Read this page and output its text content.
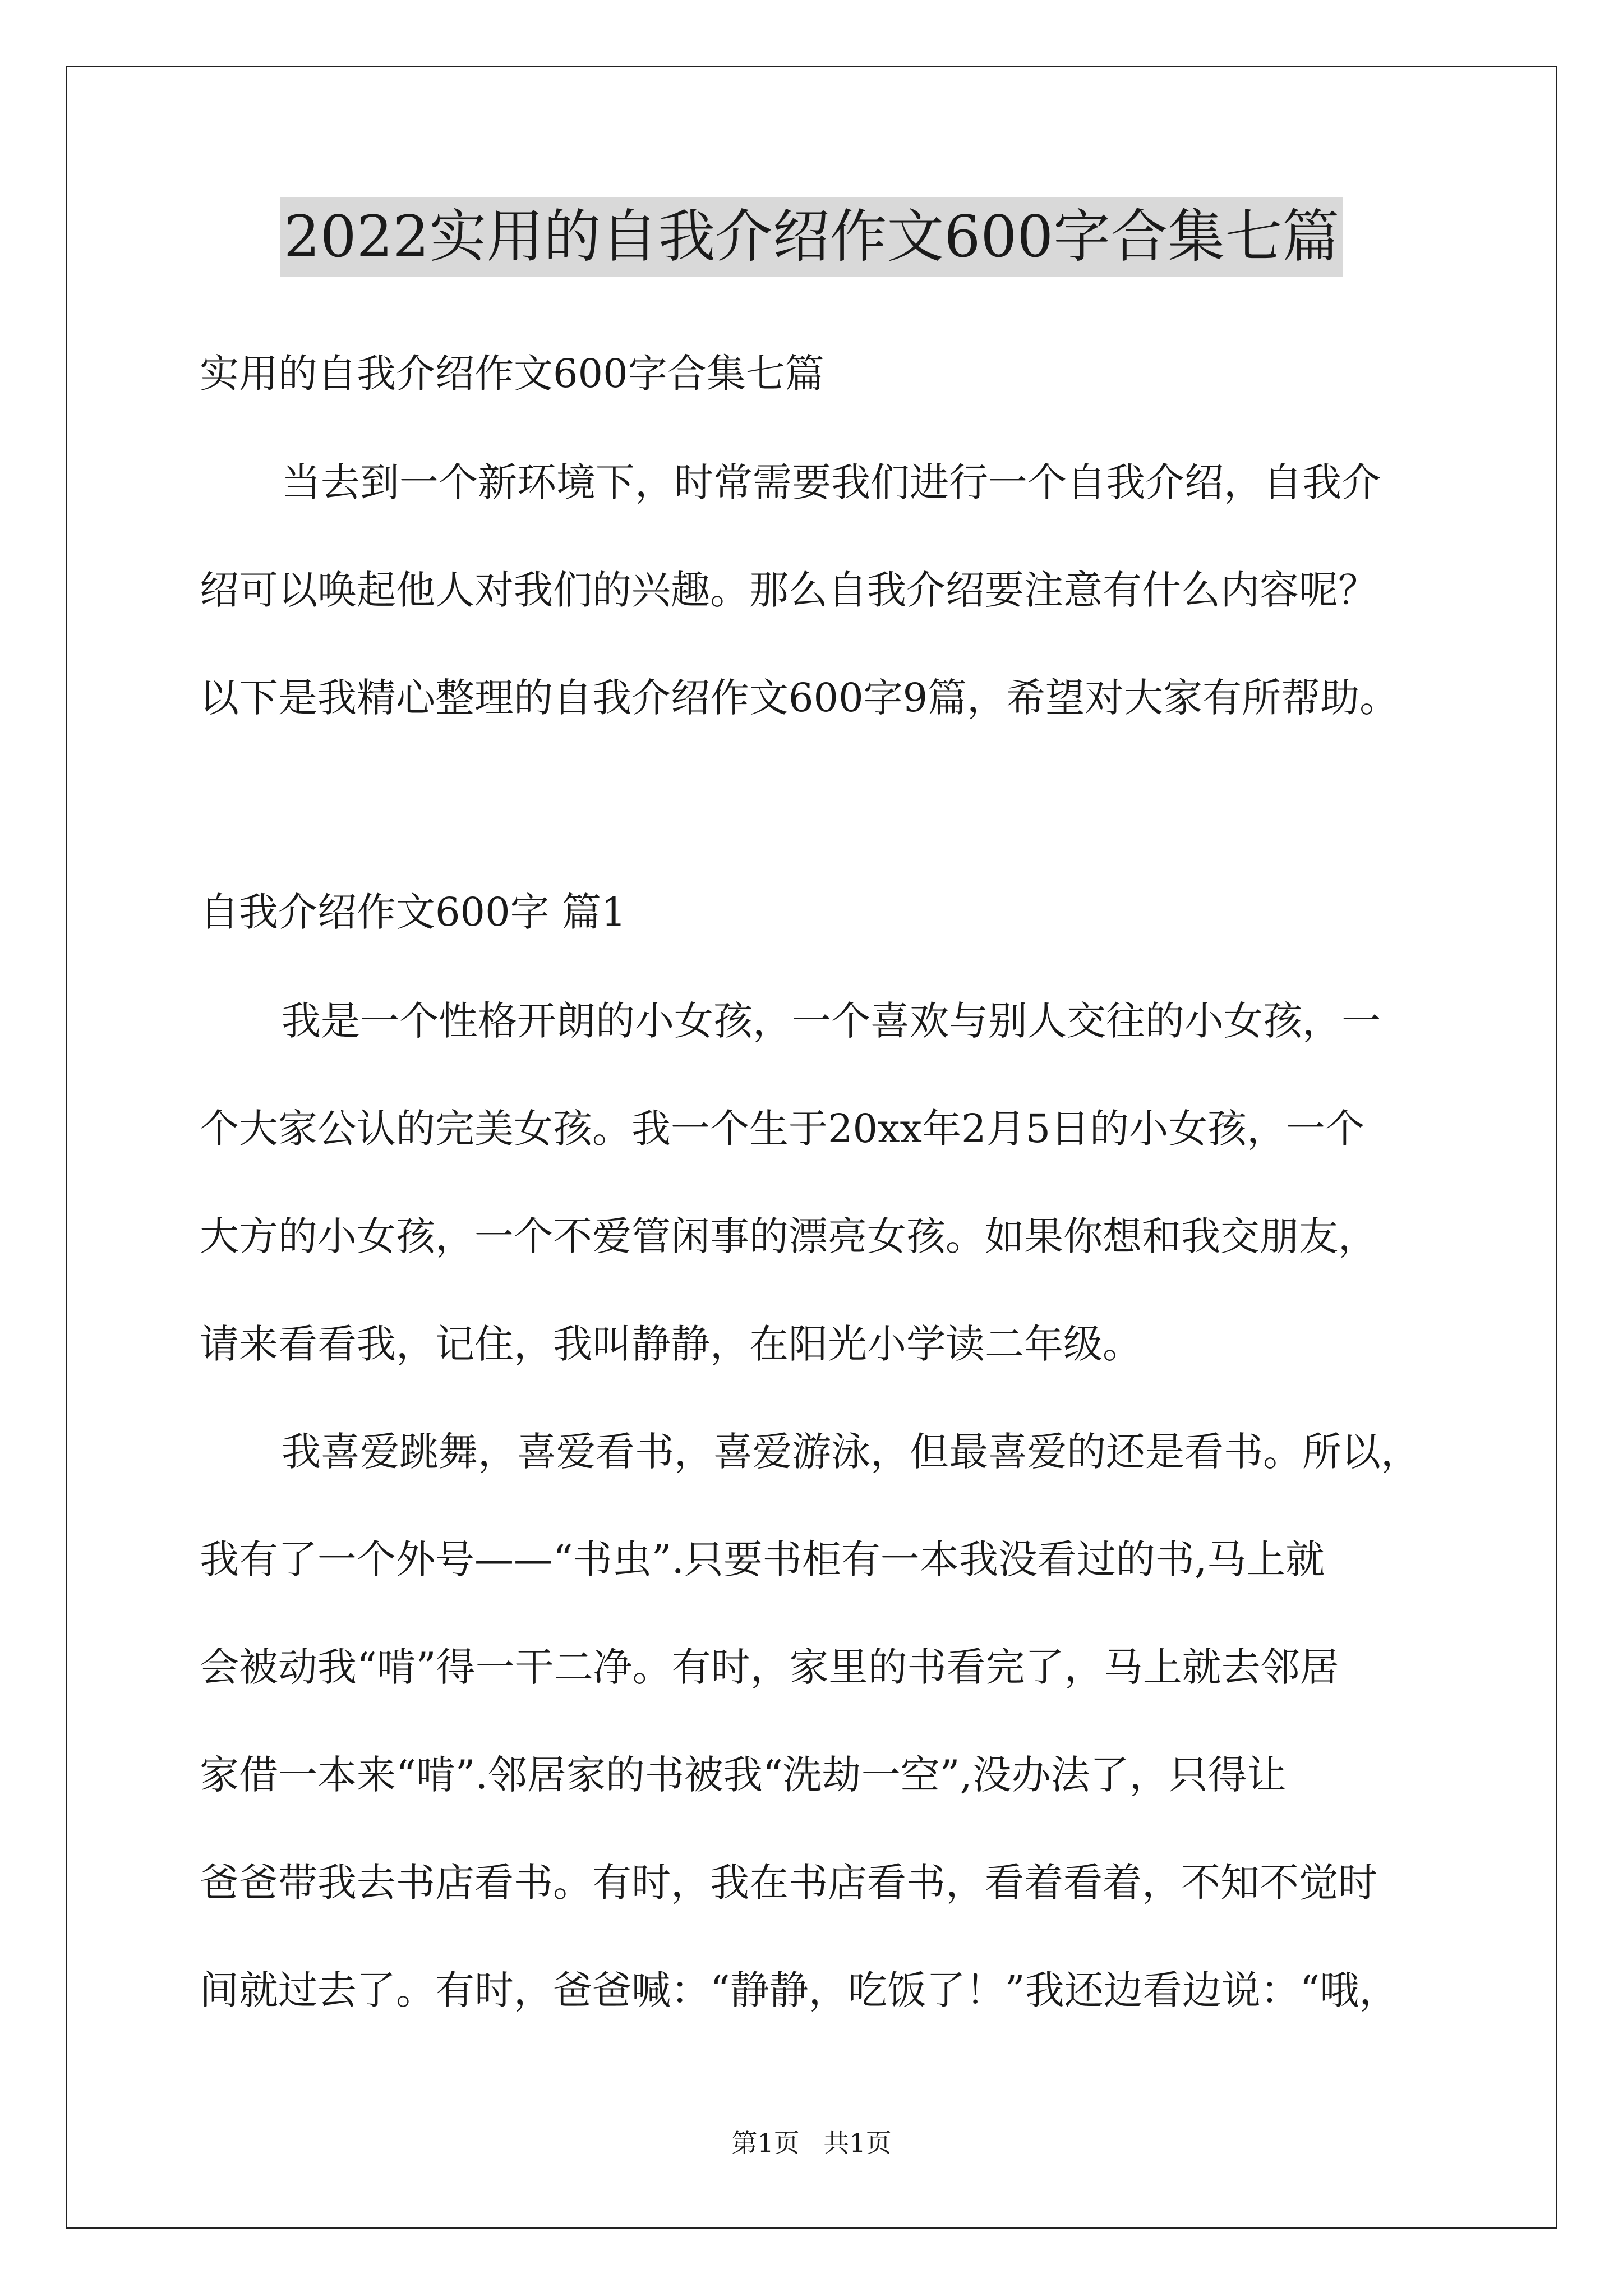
2022实用的自我介绍作文600字合集七篇
实用的自我介绍作文600字合集七篇
当去到一个新环境下，时常需要我们进行一个自我介绍，自我介
绍可以唤起他人对我们的兴趣。那么自我介绍要注意有什么内容呢？
以下是我精心整理的自我介绍作文600字9篇，希望对大家有所帮助。
自我介绍作文600字 篇1
我是一个性格开朗的小女孩，一个喜欢与别人交往的小女孩，一
个大家公认的完美女孩。我一个生于20xx年2月5日的小女孩，一个
大方的小女孩，一个不爱管闲事的漂亮女孩。如果你想和我交朋友，
请来看看我，记住，我叫静静，在阳光小学读二年级。
我喜爱跳舞，喜爱看书，喜爱游泳，但最喜爱的还是看书。所以，
我有了一个外号——“书虫”.只要书柜有一本我没看过的书,马上就
会被动我“啃”得一干二净。有时，家里的书看完了，马上就去邻居
家借一本来“啃”.邻居家的书被我“洗劫一空”,没办法了，只得让
爸爸带我去书店看书。有时，我在书店看书，看着看着，不知不觉时
间就过去了。有时，爸爸喊：“静静，吃饭了！”我还边看边说：“哦，
第1页 共1页
